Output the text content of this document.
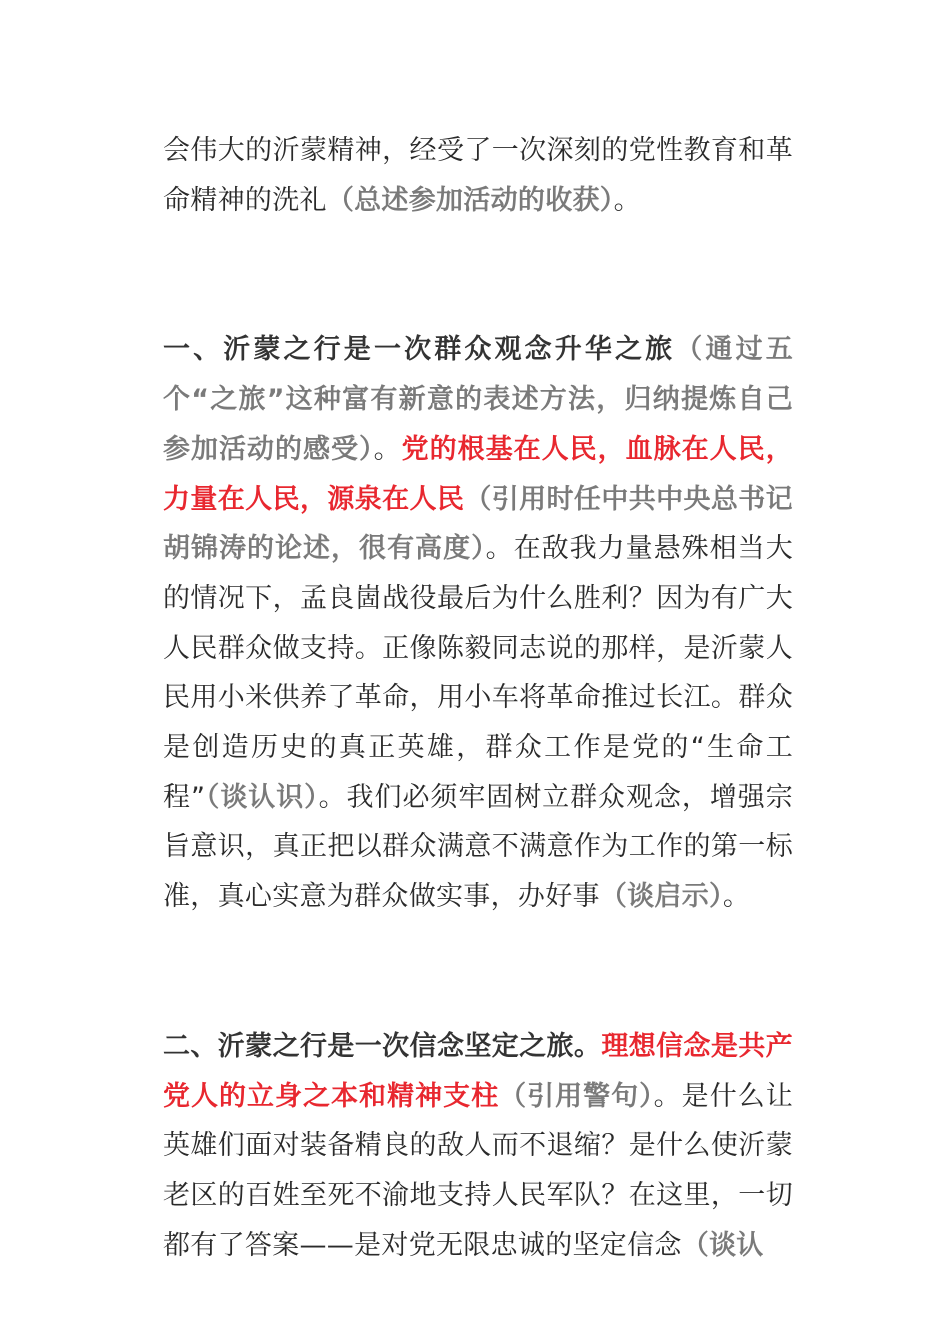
会伟大的沂蒙精神，经受了一次深刻的党性教育和革命精神的洗礼（总述参加活动的收获）。

一、沂蒙之行是一次群众观念升华之旅（通过五个“之旅”这种富有新意的表述方法，归纳提炼自己参加活动的感受）。党的根基在人民，血脉在人民，力量在人民，源泉在人民（引用时任中共中央总书记胡锦涛的论述，很有高度）。在敌我力量悬殊相当大的情况下，孟良崮战役最后为什么胜利？因为有广大人民群众做支持。正像陈毅同志说的那样，是沂蒙人民用小米供养了革命，用小车将革命推过长江。群众是创造历史的真正英雄，群众工作是党的“生命工程”（谈认识）。我们必须牢固树立群众观念，增强宗旨意识，真正把以群众满意不满意作为工作的第一标准，真心实意为群众做实事，办好事（谈启示）。

二、沂蒙之行是一次信念坚定之旅。理想信念是共产党人的立身之本和精神支柱（引用警句）。是什么让英雄们面对装备精良的敌人而不退缩？是什么使沂蒙老区的百姓至死不渝地支持人民军队？在这里，一切都有了答案——是对党无限忠诚的坚定信念（谈认
